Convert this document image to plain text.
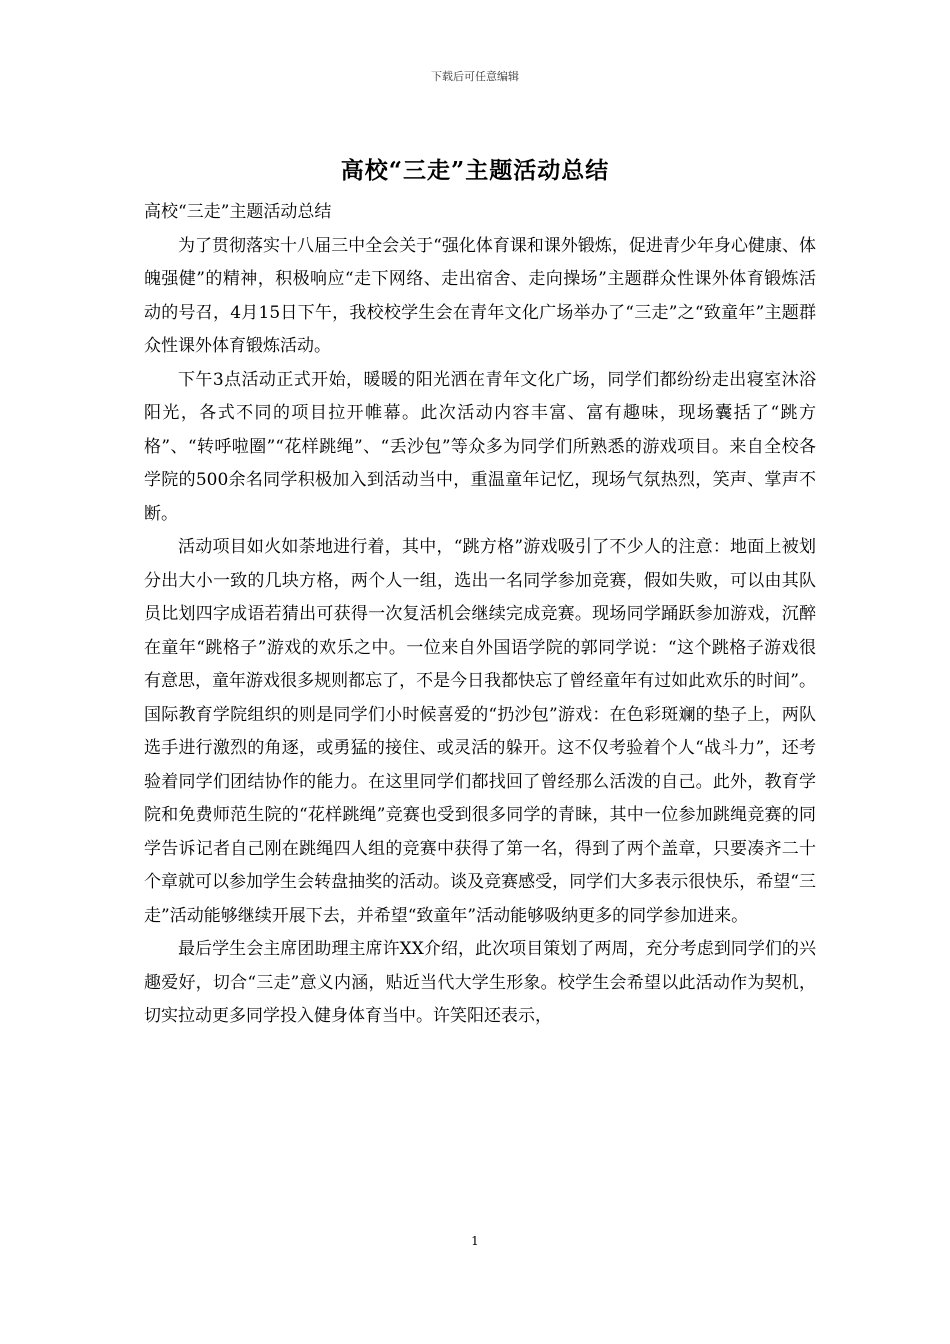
下载后可任意编辑
高校“三走”主题活动总结

高校“三走”主题活动总结

为了贯彻落实十八届三中全会关于“强化体育课和课外锻炼，促进青少年身心健康、体魄强健”的精神，积极响应“走下网络、走出宿舍、走向操场”主题群众性课外体育锻炼活动的号召，4月15日下午，我校校学生会在青年文化广场举办了“三走”之“致童年”主题群众性课外体育锻炼活动。

下午3点活动正式开始，暖暖的阳光洒在青年文化广场，同学们都纷纷走出寝室沐浴阳光，各式不同的项目拉开帷幕。此次活动内容丰富、富有趣味，现场囊括了“跳方格”、“转呼啦圈”“花样跳绳”、“丢沙包”等众多为同学们所熟悉的游戏项目。来自全校各学院的500余名同学积极加入到活动当中，重温童年记忆，现场气氛热烈，笑声、掌声不断。

活动项目如火如荼地进行着，其中，“跳方格”游戏吸引了不少人的注意：地面上被划分出大小一致的几块方格，两个人一组，选出一名同学参加竞赛，假如失败，可以由其队员比划四字成语若猜出可获得一次复活机会继续完成竞赛。现场同学踊跃参加游戏，沉醉在童年“跳格子”游戏的欢乐之中。一位来自外国语学院的郭同学说：“这个跳格子游戏很有意思，童年游戏很多规则都忘了，不是今日我都快忘了曾经童年有过如此欢乐的时间”。国际教育学院组织的则是同学们小时候喜爱的“扔沙包”游戏：在色彩斑斓的垫子上，两队选手进行激烈的角逐，或勇猛的接住、或灵活的躲开。这不仅考验着个人“战斗力”，还考验着同学们团结协作的能力。在这里同学们都找回了曾经那么活泼的自己。此外，教育学院和免费师范生院的“花样跳绳”竞赛也受到很多同学的青睐，其中一位参加跳绳竞赛的同学告诉记者自己刚在跳绳四人组的竞赛中获得了第一名，得到了两个盖章，只要凑齐二十个章就可以参加学生会转盘抽奖的活动。谈及竞赛感受，同学们大多表示很快乐，希望“三走”活动能够继续开展下去，并希望“致童年”活动能够吸纳更多的同学参加进来。

最后学生会主席团助理主席许XX介绍，此次项目策划了两周，充分考虑到同学们的兴趣爱好，切合“三走”意义内涵，贴近当代大学生形象。校学生会希望以此活动作为契机，切实拉动更多同学投入健身体育当中。许笑阳还表示，

1
